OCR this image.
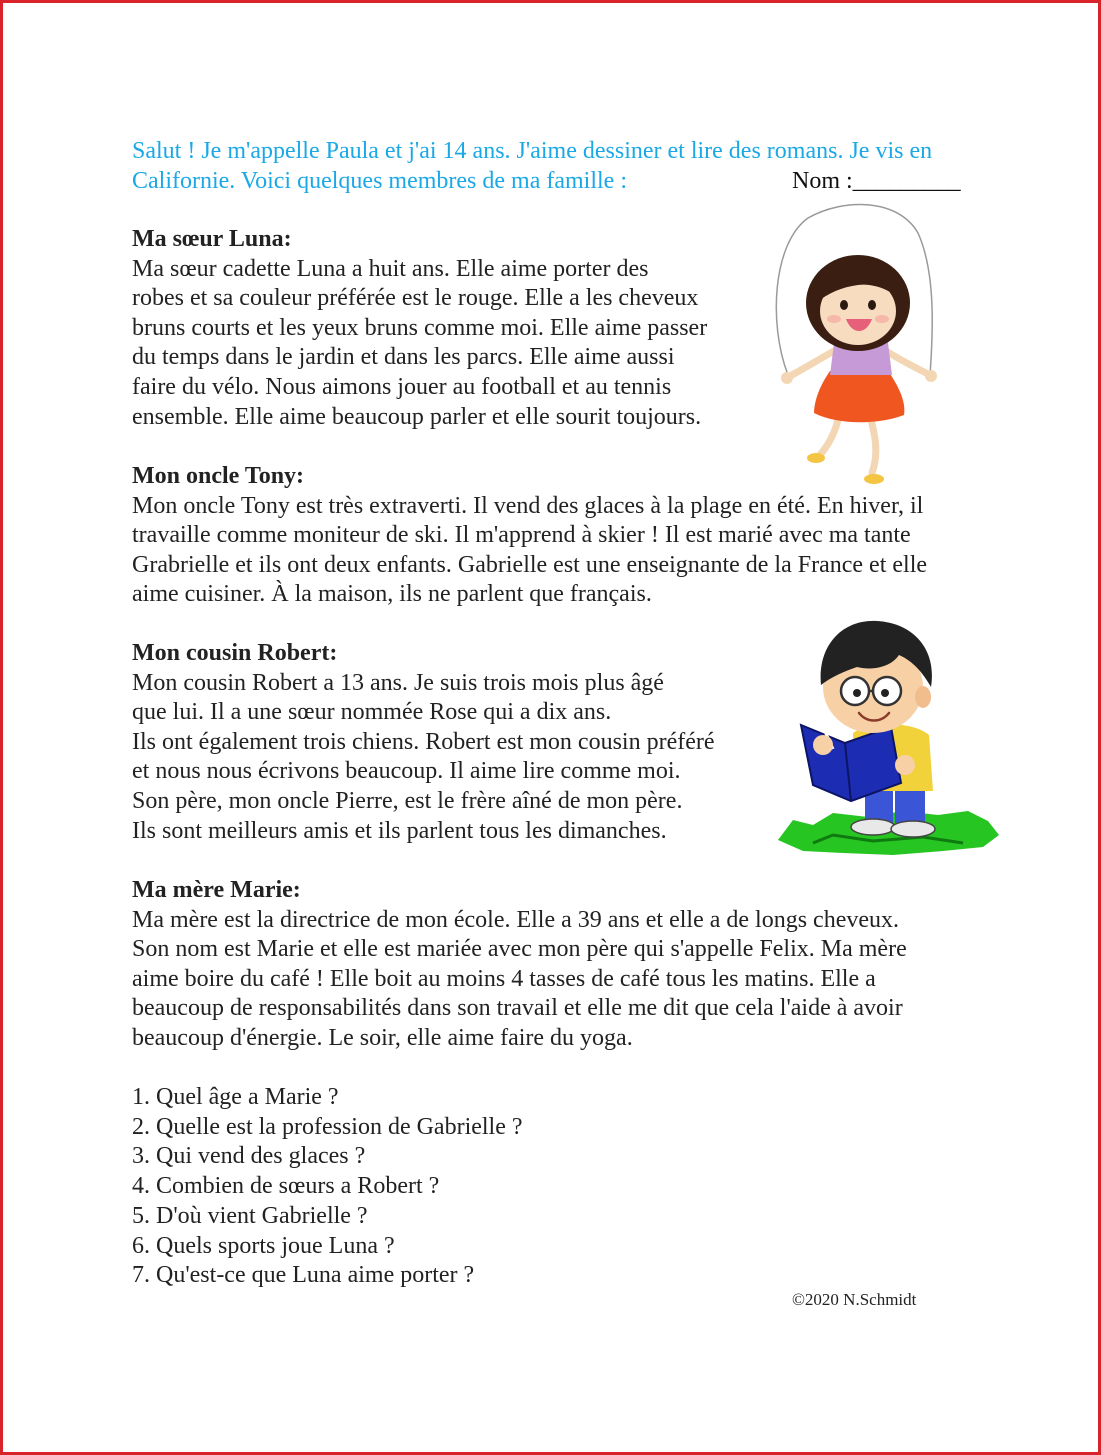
Salut ! Je m'appelle Paula et j'ai 14 ans. J'aime dessiner et lire des romans. Je vis en
Californie. Voici quelques membres de ma famille :	Nom :_________
Ma sœur Luna:
Ma sœur cadette Luna a huit ans. Elle aime porter des
robes et sa couleur préférée est le rouge. Elle a les cheveux
bruns courts et les yeux bruns comme moi. Elle aime passer
du temps dans le jardin et dans les parcs. Elle aime aussi
faire du vélo. Nous aimons jouer au football et au tennis
ensemble. Elle aime beaucoup parler et elle sourit toujours.
Mon oncle Tony:
Mon oncle Tony est très extraverti. Il vend des glaces à la plage en été. En hiver, il
travaille comme moniteur de ski. Il m'apprend à skier ! Il est marié avec ma tante
Grabrielle et ils ont deux enfants. Gabrielle est une enseignante de la France et elle
aime cuisiner. À la maison, ils ne parlent que français.
Mon cousin Robert:
Mon cousin Robert a 13 ans. Je suis trois mois plus âgé
que lui. Il a une sœur nommée Rose qui a dix ans.
Ils ont également trois chiens. Robert est mon cousin préféré
et nous nous écrivons beaucoup. Il aime lire comme moi.
Son père, mon oncle Pierre, est le frère aîné de mon père.
Ils sont meilleurs amis et ils parlent tous les dimanches.
Ma mère Marie:
Ma mère est la directrice de mon école. Elle a 39 ans et elle a de longs cheveux.
Son nom est Marie et elle est mariée avec mon père qui s'appelle Felix. Ma mère
aime boire du café ! Elle boit au moins 4 tasses de café tous les matins. Elle a
beaucoup de responsabilités dans son travail et elle me dit que cela l'aide à avoir
beaucoup d'énergie. Le soir, elle aime faire du yoga.
1. Quel âge a Marie ?
2. Quelle est la profession de Gabrielle ?
3. Qui vend des glaces ?
4. Combien de sœurs a Robert ?
5. D'où vient Gabrielle ?
6. Quels sports joue Luna ?
7. Qu'est-ce que Luna aime porter ?
©2020 N.Schmidt
